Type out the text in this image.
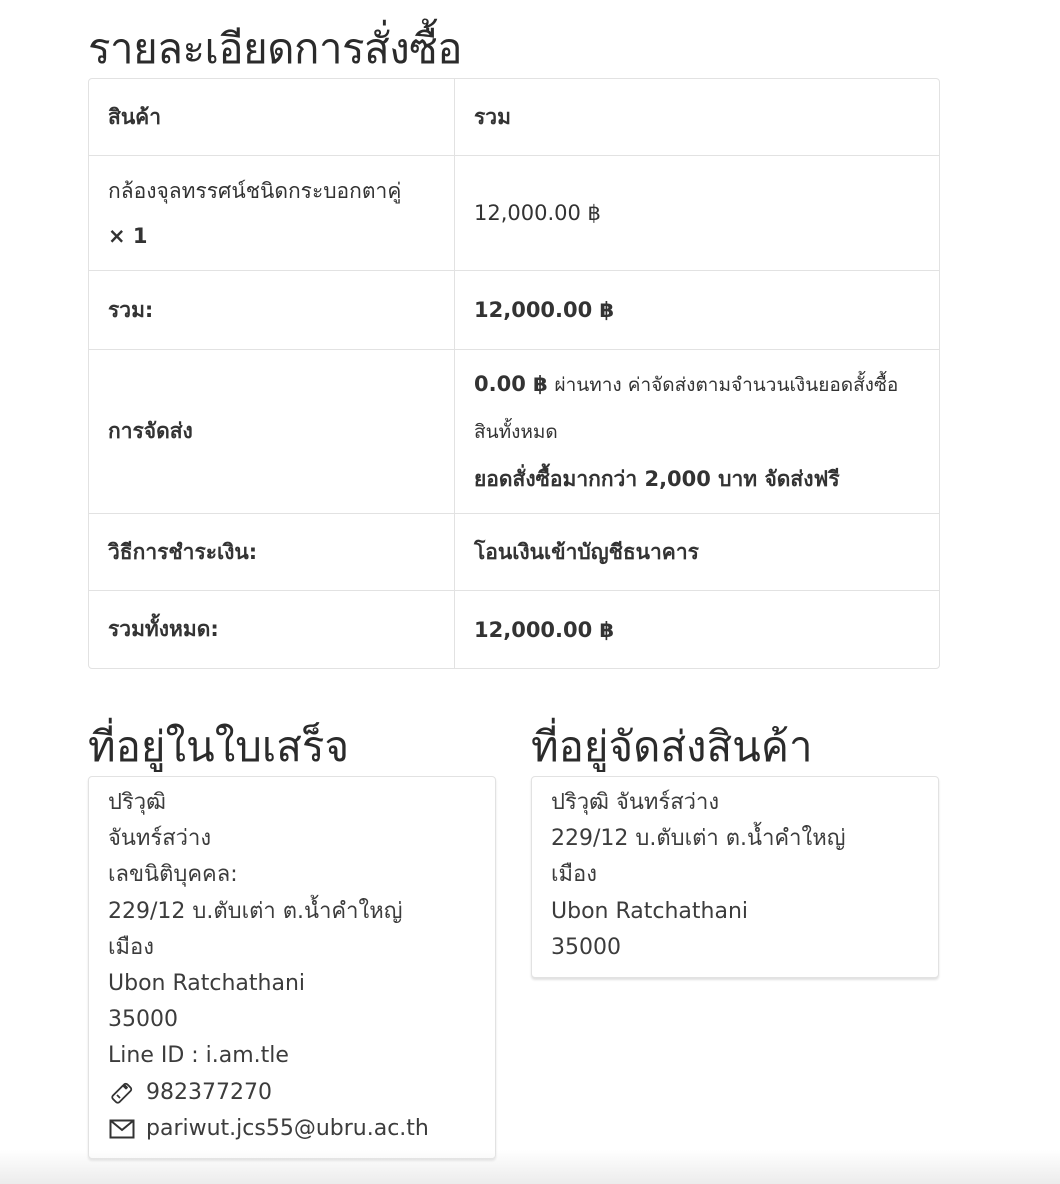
รายละเอียดการสั่งซื้อ
สินค้า	รวม

กล้องจุลทรรศน์ชนิดกระบอกตาคู่
× 1	12,000.00 ฿
รวม:	12,000.00 ฿
การจัดส่ง	0.00 ฿ ผ่านทาง ค่าจัดส่งตามจำนวนเงินยอดสั้งซื้อสินทั้งหมด
ยอดสั่งซื้อมากกว่า 2,000 บาท จัดส่งฟรี

วิธีการชำระเงิน:	โอนเงินเข้าบัญชีธนาคาร
รวมทั้งหมด:	12,000.00 ฿
ที่อยู่ในใบเสร็จ
ปริวุฒิ
จันทร์สว่าง
เลขนิติบุคคล:
229/12 บ.ตับเต่า ต.น้ำคำใหญ่
เมือง
Ubon Ratchathani
35000
Line ID : i.am.tle
982377270
pariwut.jcs55@ubru.ac.th
ที่อยู่จัดส่งสินค้า
ปริวุฒิ จันทร์สว่าง
229/12 บ.ตับเต่า ต.น้ำคำใหญ่
เมือง
Ubon Ratchathani
35000
